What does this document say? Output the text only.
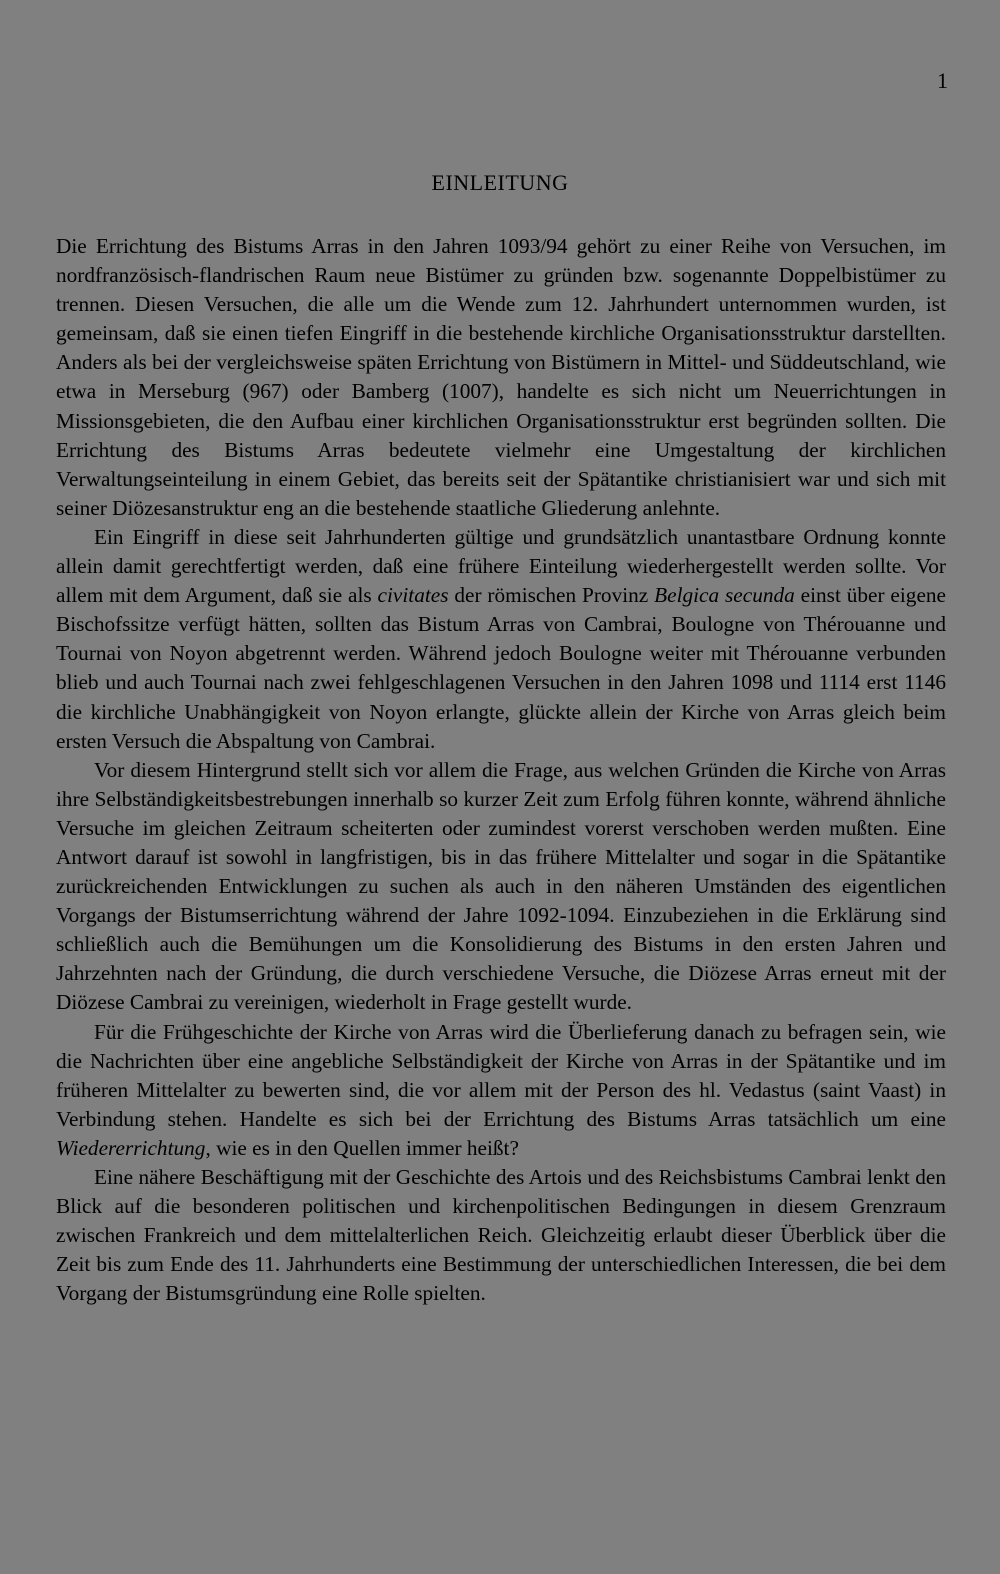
1
EINLEITUNG

Die Errichtung des Bistums Arras in den Jahren 1093/94 gehört zu einer Reihe von Versuchen, im nordfranzösisch-flandrischen Raum neue Bistümer zu gründen bzw. sogenannte Doppelbistümer zu trennen. Diesen Versuchen, die alle um die Wende zum 12. Jahrhundert unternommen wurden, ist gemeinsam, daß sie einen tiefen Eingriff in die bestehende kirchliche Organisationsstruktur darstellten. Anders als bei der vergleichsweise späten Errichtung von Bistümern in Mittel- und Süddeutschland, wie etwa in Merseburg (967) oder Bamberg (1007), handelte es sich nicht um Neuerrichtungen in Missionsgebieten, die den Aufbau einer kirchlichen Organisationsstruktur erst begründen sollten. Die Errichtung des Bistums Arras bedeutete vielmehr eine Umgestaltung der kirchlichen Verwaltungseinteilung in einem Gebiet, das bereits seit der Spätantike christianisiert war und sich mit seiner Diözesanstruktur eng an die bestehende staatliche Gliederung anlehnte.

Ein Eingriff in diese seit Jahrhunderten gültige und grundsätzlich unantastbare Ordnung konnte allein damit gerechtfertigt werden, daß eine frühere Einteilung wiederhergestellt werden sollte. Vor allem mit dem Argument, daß sie als civitates der römischen Provinz Belgica secunda einst über eigene Bischofssitze verfügt hätten, sollten das Bistum Arras von Cambrai, Boulogne von Thérouanne und Tournai von Noyon abgetrennt werden. Während jedoch Boulogne weiter mit Thérouanne verbunden blieb und auch Tournai nach zwei fehlgeschlagenen Versuchen in den Jahren 1098 und 1114 erst 1146 die kirchliche Unabhängigkeit von Noyon erlangte, glückte allein der Kirche von Arras gleich beim ersten Versuch die Abspaltung von Cambrai.

Vor diesem Hintergrund stellt sich vor allem die Frage, aus welchen Gründen die Kirche von Arras ihre Selbständigkeitsbestrebungen innerhalb so kurzer Zeit zum Erfolg führen konnte, während ähnliche Versuche im gleichen Zeitraum scheiterten oder zumindest vorerst verschoben werden mußten. Eine Antwort darauf ist sowohl in langfristigen, bis in das frühere Mittelalter und sogar in die Spätantike zurückreichenden Entwicklungen zu suchen als auch in den näheren Umständen des eigentlichen Vorgangs der Bistumserrichtung während der Jahre 1092-1094. Einzubeziehen in die Erklärung sind schließlich auch die Bemühungen um die Konsolidierung des Bistums in den ersten Jahren und Jahrzehnten nach der Gründung, die durch verschiedene Versuche, die Diözese Arras erneut mit der Diözese Cambrai zu vereinigen, wiederholt in Frage gestellt wurde.

Für die Frühgeschichte der Kirche von Arras wird die Überlieferung danach zu befragen sein, wie die Nachrichten über eine angebliche Selbständigkeit der Kirche von Arras in der Spätantike und im früheren Mittelalter zu bewerten sind, die vor allem mit der Person des hl. Vedastus (saint Vaast) in Verbindung stehen. Handelte es sich bei der Errichtung des Bistums Arras tatsächlich um eine Wiedererrichtung, wie es in den Quellen immer heißt?

Eine nähere Beschäftigung mit der Geschichte des Artois und des Reichsbistums Cambrai lenkt den Blick auf die besonderen politischen und kirchenpolitischen Bedingungen in diesem Grenzraum zwischen Frankreich und dem mittelalterlichen Reich. Gleichzeitig erlaubt dieser Überblick über die Zeit bis zum Ende des 11. Jahrhunderts eine Bestimmung der unterschiedlichen Interessen, die bei dem Vorgang der Bistumsgründung eine Rolle spielten.
